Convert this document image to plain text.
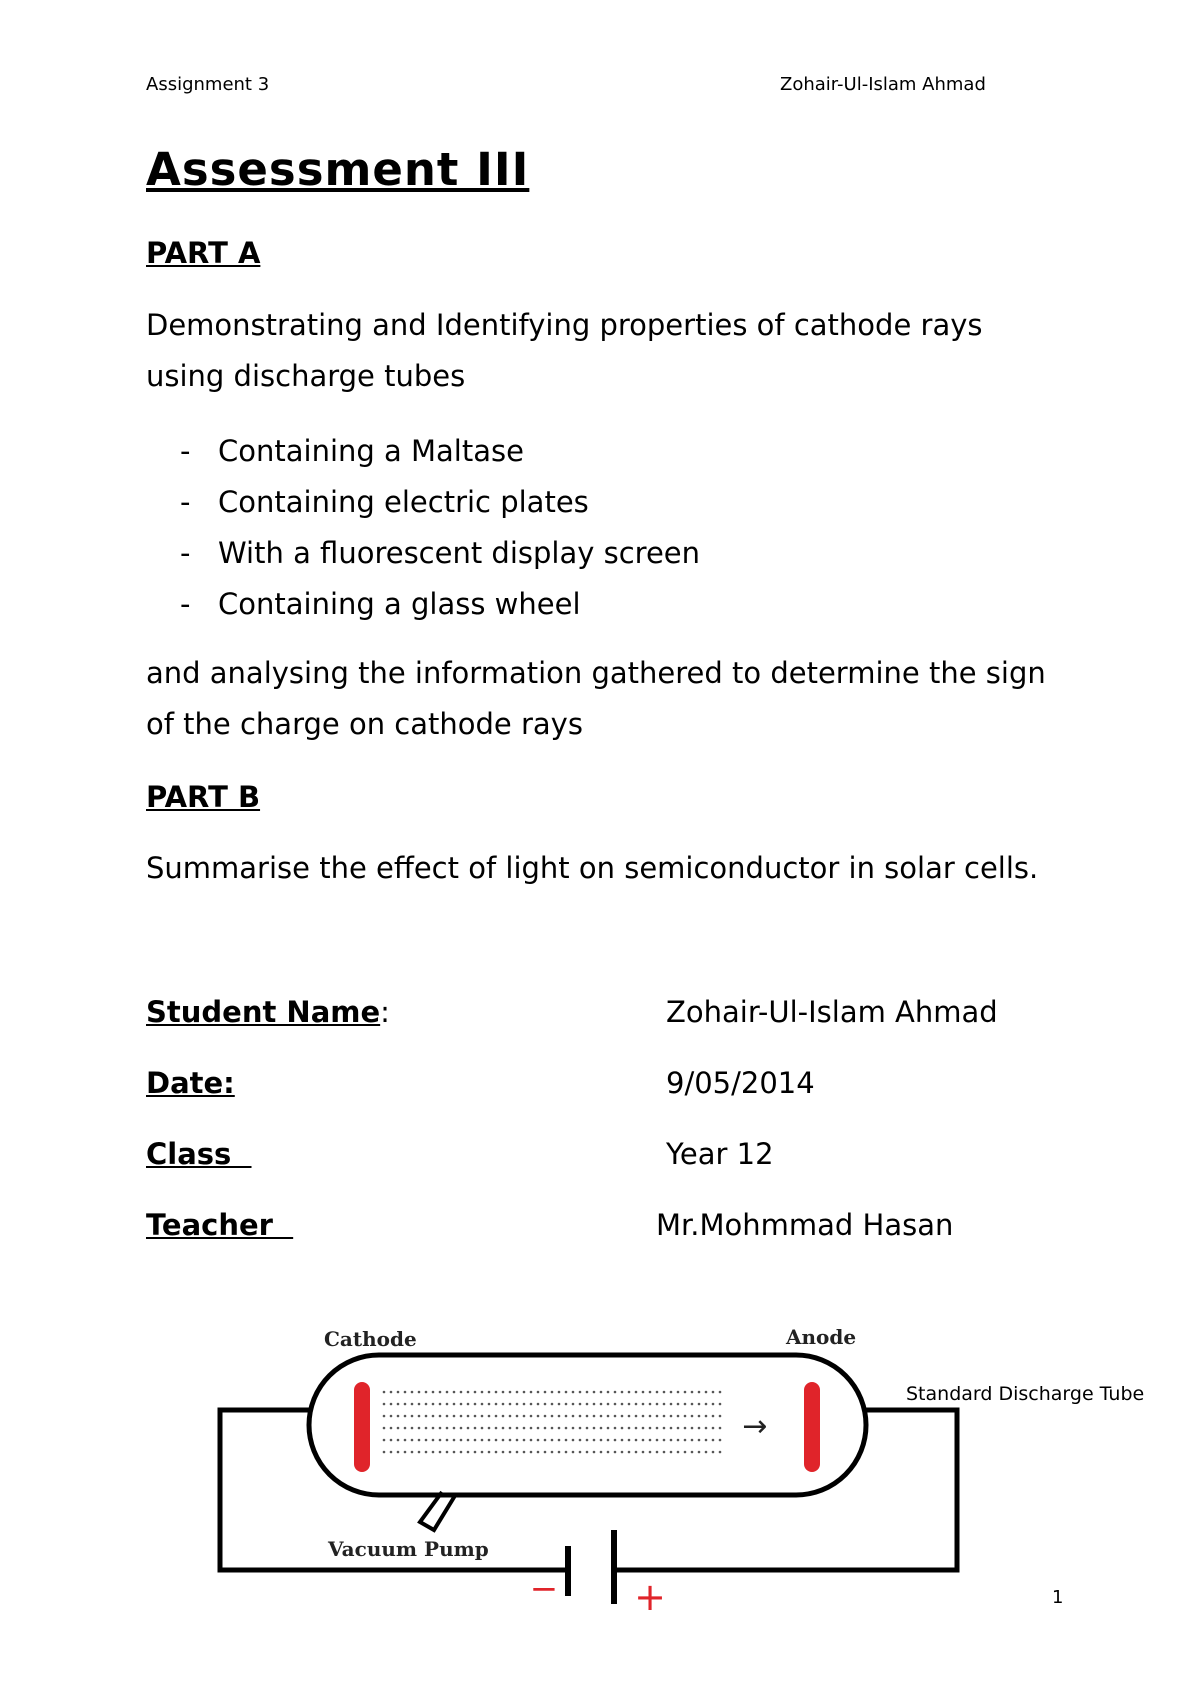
Assignment 3	Zohair-Ul-Islam Ahmad
Assessment III
PART A
Demonstrating and Identifying properties of cathode rays using discharge tubes
- Containing a Maltase
- Containing electric plates
- With a fluorescent display screen
- Containing a glass wheel
and analysing the information gathered to determine the sign of the charge on cathode rays
PART B
Summarise the effect of light on semiconductor in solar cells.
Student Name:	Zohair-Ul-Islam Ahmad
Date:	9/05/2014
Class	Year 12
Teacher	Mr.Mohmmad Hasan
− +
→
Cathode	Anode
Vacuum Pump
Standard Discharge Tube
1
